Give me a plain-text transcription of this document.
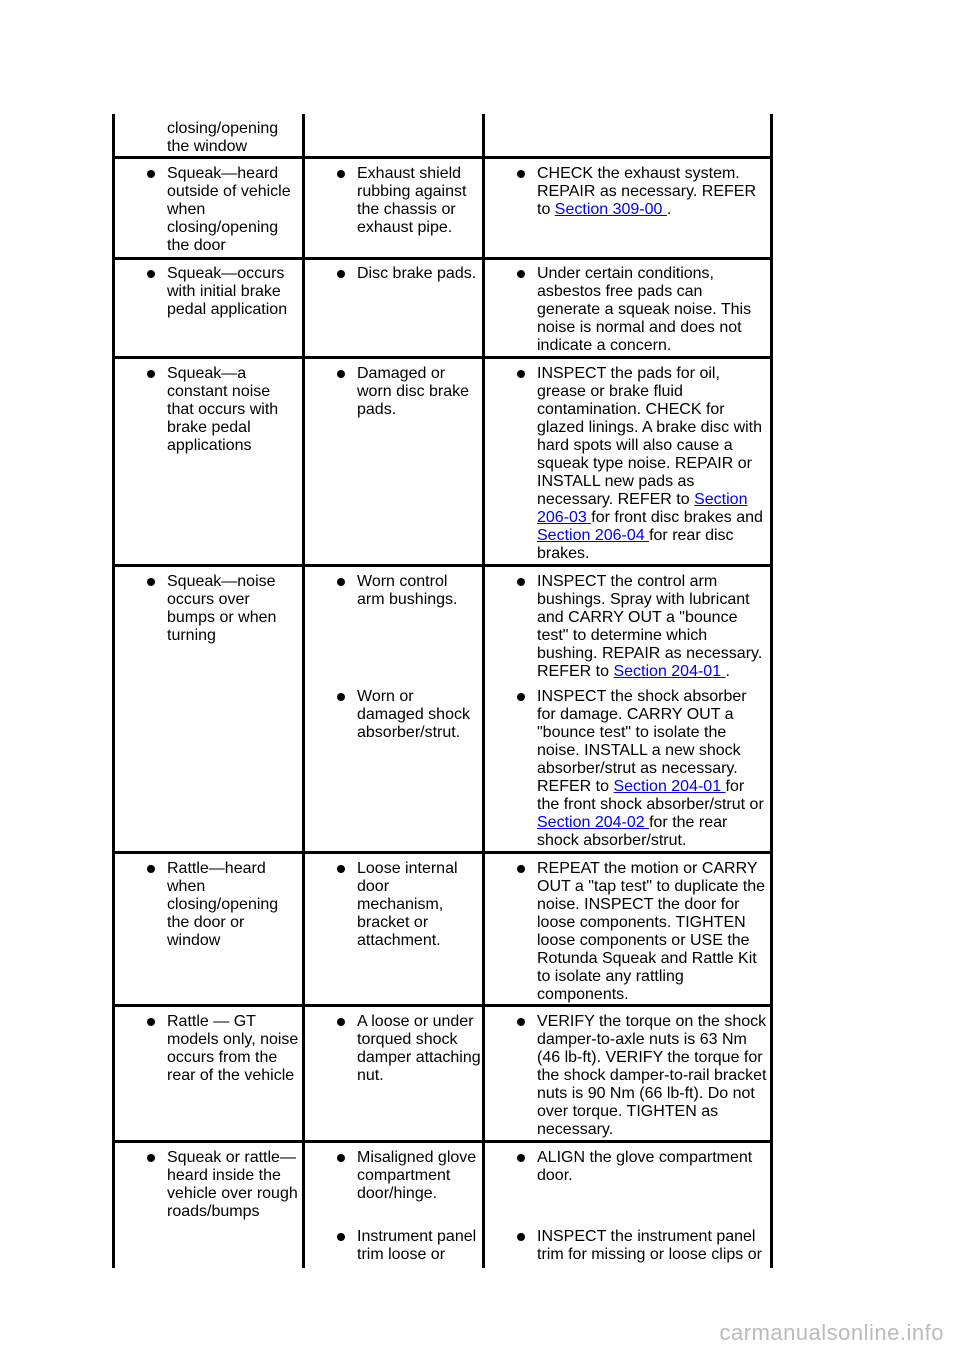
closing/opening the window
Squeak—heard outside of vehicle when closing/opening the door
Exhaust shield rubbing against the chassis or exhaust pipe.
CHECK the exhaust system. REPAIR as necessary. REFER to Section 309-00 .
Squeak—occurs with initial brake pedal application
Disc brake pads.	Under certain conditions, asbestos free pads can generate a squeak noise. This noise is normal and does not indicate a concern.
Squeak—a constant noise that occurs with brake pedal applications
Damaged or worn disc brake pads.
INSPECT the pads for oil, grease or brake fluid contamination. CHECK for glazed linings. A brake disc with hard spots will also cause a squeak type noise. REPAIR or INSTALL new pads as necessary. REFER to Section 206-03 for front disc brakes and Section 206-04 for rear disc brakes.
Squeak—noise occurs over bumps or when turning
Worn control arm bushings.
INSPECT the control arm bushings. Spray with lubricant and CARRY OUT a "bounce test" to determine which bushing. REPAIR as necessary. REFER to Section 204-01 .
Worn or damaged shock absorber/strut.
INSPECT the shock absorber for damage. CARRY OUT a "bounce test" to isolate the noise. INSTALL a new shock absorber/strut as necessary. REFER to Section 204-01 for the front shock absorber/strut or Section 204-02 for the rear shock absorber/strut.
Rattle—heard when closing/opening the door or window
Loose internal door mechanism, bracket or attachment.
REPEAT the motion or CARRY OUT a "tap test" to duplicate the noise. INSPECT the door for loose components. TIGHTEN loose components or USE the Rotunda Squeak and Rattle Kit to isolate any rattling components.
Rattle — GT models only, noise occurs from the rear of the vehicle
A loose or under torqued shock damper attaching nut.
VERIFY the torque on the shock damper-to-axle nuts is 63 Nm (46 lb-ft). VERIFY the torque for the shock damper-to-rail bracket nuts is 90 Nm (66 lb-ft). Do not over torque. TIGHTEN as necessary.
Squeak or rattle—heard inside the vehicle over rough roads/bumps
Misaligned glove compartment door/hinge.
ALIGN the glove compartment door.
Instrument panel trim loose or
INSPECT the instrument panel trim for missing or loose clips or
carmanualsonline.info
